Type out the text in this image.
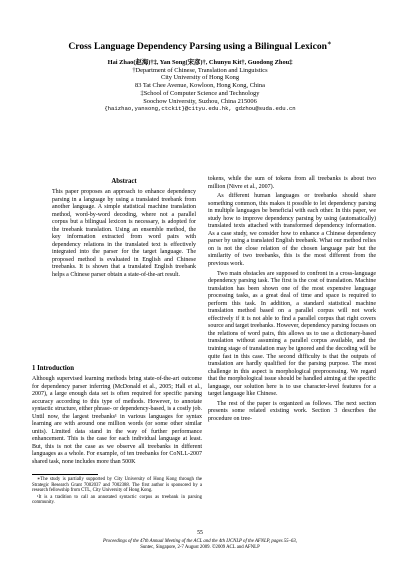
Cross Language Dependency Parsing using a Bilingual Lexicon∗
Hai Zhao(赵海)†‡, Yan Song(宋彦)†, Chunyu Kit†, Guodong Zhou‡
†Department of Chinese, Translation and Linguistics
City University of Hong Kong
83 Tat Chee Avenue, Kowloon, Hong Kong, China
‡School of Computer Science and Technology
Soochow University, Suzhou, China 215006
{haizhao,yansong,ctckit}@cityu.edu.hk, gdzhou@suda.edu.cn
Abstract

This paper proposes an approach to enhance dependency parsing in a language by using a translated treebank from another language. A simple statistical machine translation method, word-by-word decoding, where not a parallel corpus but a bilingual lexicon is necessary, is adopted for the treebank translation. Using an ensemble method, the key information extracted from word pairs with dependency relations in the translated text is effectively integrated into the parser for the target language. The proposed method is evaluated in English and Chinese treebanks. It is shown that a translated English treebank helps a Chinese parser obtain a state-of-the-art result.

1 Introduction

Although supervised learning methods bring state-of-the-art outcome for dependency parser inferring (McDonald et al., 2005; Hall et al., 2007), a large enough data set is often required for specific parsing accuracy according to this type of methods. However, to annotate syntactic structure, either phrase- or dependency-based, is a costly job. Until now, the largest treebanks¹ in various languages for syntax learning are with around one million words (or some other similar units). Limited data stand in the way of further performance enhancement. This is the case for each individual language at least. But, this is not the case as we observe all treebanks in different languages as a whole. For example, of ten treebanks for CoNLL-2007 shared task, none includes more than 500K

∗The study is partially supported by City University of Hong Kong through the Strategic Research Grant 7002037 and 7002388. The first author is sponsored by a research fellowship from CTL, City University of Hong Kong.

¹It is a tradition to call an annotated syntactic corpus as treebank in parsing community.

tokens, while the sum of tokens from all treebanks is about two million (Nivre et al., 2007).

As different human languages or treebanks should share something common, this makes it possible to let dependency parsing in multiple languages be beneficial with each other. In this paper, we study how to improve dependency parsing by using (automatically) translated texts attached with transformed dependency information. As a case study, we consider how to enhance a Chinese dependency parser by using a translated English treebank. What our method relies on is not the close relation of the chosen language pair but the similarity of two treebanks, this is the most different from the previous work.

Two main obstacles are supposed to confront in a cross-language dependency parsing task. The first is the cost of translation. Machine translation has been shown one of the most expensive language processing tasks, as a great deal of time and space is required to perform this task. In addition, a standard statistical machine translation method based on a parallel corpus will not work effectively if it is not able to find a parallel corpus that right covers source and target treebanks. However, dependency parsing focuses on the relations of word pairs, this allows us to use a dictionary-based translation without assuming a parallel corpus available, and the training stage of translation may be ignored and the decoding will be quite fast in this case. The second difficulty is that the outputs of translation are hardly qualified for the parsing purpose. The most challenge in this aspect is morphological preprocessing. We regard that the morphological issue should be handled aiming at the specific language, our solution here is to use character-level features for a target language like Chinese.

The rest of the paper is organized as follows. The next section presents some related existing work. Section 3 describes the procedure on tree-

55
Proceedings of the 47th Annual Meeting of the ACL and the 4th IJCNLP of the AFNLP, pages 55–63,
Suntec, Singapore, 2-7 August 2009. ©2009 ACL and AFNLP
